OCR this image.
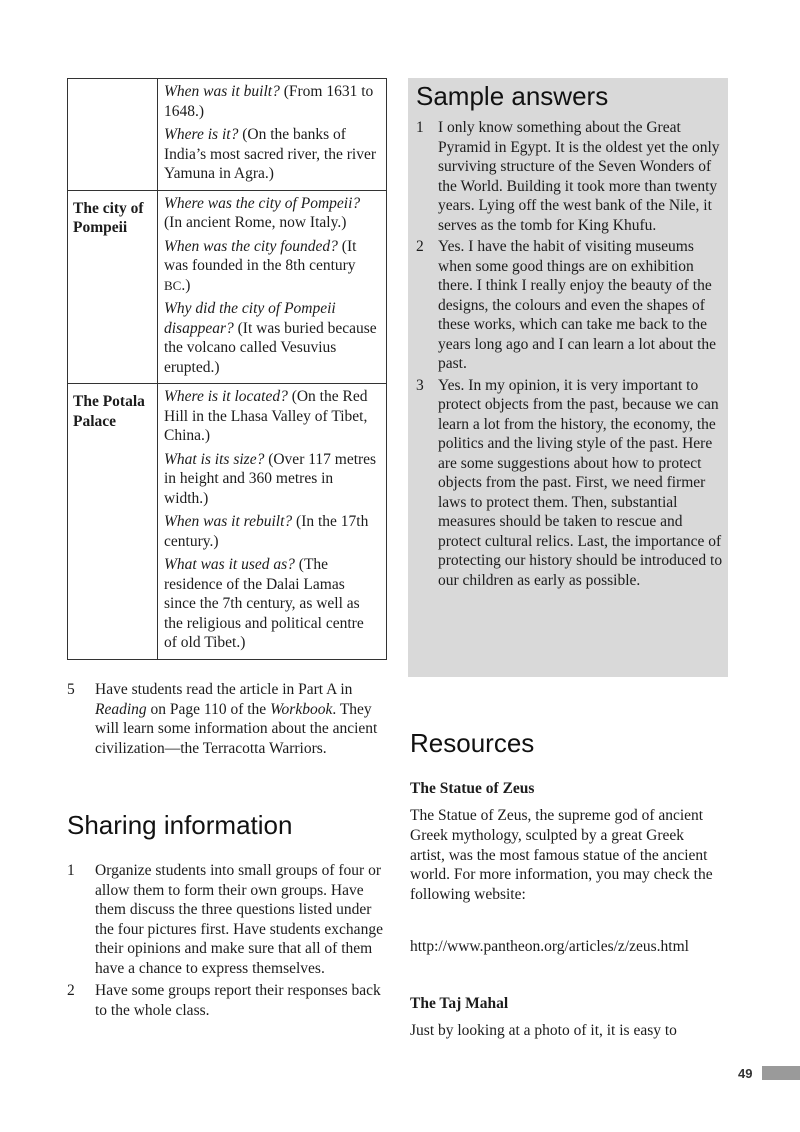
	When was it built? (From 1631 to 1648.)

Where is it? (On the banks of India’s most sacred river, the river Yamuna in Agra.)

The city of Pompeii	Where was the city of Pompeii? (In ancient Rome, now Italy.)

When was the city founded? (It was founded in the 8th century BC.)

Why did the city of Pompeii disappear? (It was buried because the volcano called Vesuvius erupted.)

The Potala Palace	Where is it located? (On the Red Hill in the Lhasa Valley of Tibet, China.)

What is its size? (Over 117 metres in height and 360 metres in width.)

When was it rebuilt? (In the 17th century.)

What was it used as? (The residence of the Dalai Lamas since the 7th century, as well as the religious and political centre of old Tibet.)

5	Have students read the article in Part A in Reading on Page 110 of the Workbook. They will learn some information about the ancient civilization—the Terracotta Warriors.
Sharing information
1	Organize students into small groups of four or allow them to form their own groups. Have them discuss the three questions listed under the four pictures first. Have students exchange their opinions and make sure that all of them have a chance to express themselves.
2	Have some groups report their responses back to the whole class.
Sample answers
1 I only know something about the Great Pyramid in Egypt. It is the oldest yet the only surviving structure of the Seven Wonders of the World. Building it took more than twenty years. Lying off the west bank of the Nile, it serves as the tomb for King Khufu.
2 Yes. I have the habit of visiting museums when some good things are on exhibition there. I think I really enjoy the beauty of the designs, the colours and even the shapes of these works, which can take me back to the years long ago and I can learn a lot about the past.
3 Yes. In my opinion, it is very important to protect objects from the past, because we can learn a lot from the history, the economy, the politics and the living style of the past. Here are some suggestions about how to protect objects from the past. First, we need firmer laws to protect them. Then, substantial measures should be taken to rescue and protect cultural relics. Last, the importance of protecting our history should be introduced to our children as early as possible.
Resources
The Statue of Zeus

The Statue of Zeus, the supreme god of ancient Greek mythology, sculpted by a great Greek artist, was the most famous statue of the ancient world. For more information, you may check the following website:

http://www.pantheon.org/articles/z/zeus.html

The Taj Mahal

Just by looking at a photo of it, it is easy to

49
